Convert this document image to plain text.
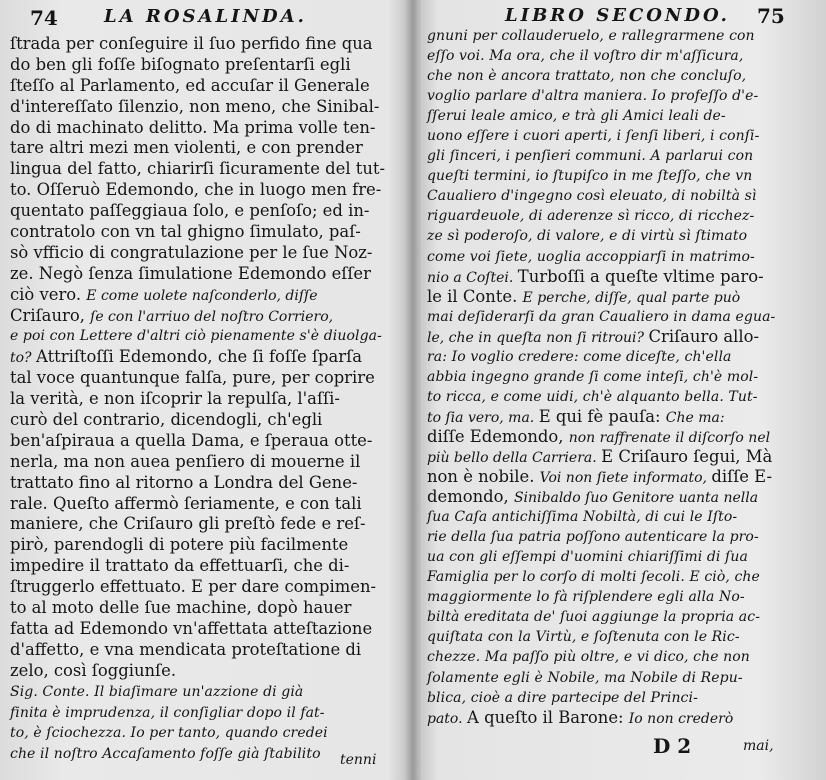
74	LA ROSALINDA.
ſtrada per conſeguire il ſuo perfido fine qua
do ben gli foſſe biſognato preſentarſi egli
ſteſſo al Parlamento, ed accuſar il Generale
d'intereſſato ſilenzio, non meno, che Sinibal-
do di machinato delitto. Ma prima volle ten-
tare altri mezi men violenti, e con prender
lingua del fatto, chiarirſi ſicuramente del tut-
to. Oſſeruò Edemondo, che in luogo men fre-
quentato paſſeggiaua ſolo, e penſoſo; ed in-
contratolo con vn tal ghigno ſimulato, paſ-
sò vfficio di congratulazione per le ſue Noz-
ze. Negò ſenza ſimulatione Edemondo eſſer
ciò vero. E come uolete naſconderlo, diſſe
Criſauro, ſe con l'arriuo del noſtro Corriero,
e poi con Lettere d'altri ciò pienamente s'è diuolga-
to? Attriſtoſſi Edemondo, che ſi foſſe ſparſa
tal voce quantunque falſa, pure, per coprire
la verità, e non iſcoprir la repulſa, l'aſſi-
curò del contrario, dicendogli, ch'egli
ben'aſpiraua a quella Dama, e ſperaua otte-
nerla, ma non auea penſiero di mouerne il
trattato fino al ritorno a Londra del Gene-
rale. Queſto affermò ſeriamente, e con tali
maniere, che Criſauro gli preſtò fede e reſ-
pirò, parendogli di potere più facilmente
impedire il trattato da effettuarſi, che di-
ſtruggerlo effettuato. E per dare compimen-
to al moto delle ſue machine, dopò hauer
fatta ad Edemondo vn'affettata atteſtazione
d'affetto, e vna mendicata proteſtatione di
zelo, così ſoggiunſe.
Sig. Conte. Il biaſimare un'azzione di già
finita è imprudenza, il conſigliar dopo il fat-
to, è ſciochezza. Io per tanto, quando credei
che il noſtro Accaſamento foſſe già ſtabilito	tenni
LIBRO SECONDO. 75
gnuni per collauderuelo, e rallegrarmene con
eſſo voi. Ma ora, che il voſtro dir m'aſſicura,
che non è ancora trattato, non che concluſo,
voglio parlare d'altra maniera. Io profeſſo d'e-
ſſerui leale amico, e trà gli Amici leali de-
uono eſſere i cuori aperti, i ſenſi liberi, i conſi-
gli ſinceri, i penſieri communi. A parlarui con
queſti termini, io ſtupiſco in me ſteſſo, che vn
Caualiero d'ingegno così eleuato, di nobiltà sì
riguardeuole, di aderenze sì ricco, di ricchez-
ze sì poderoſo, di valore, e di virtù sì ſtimato
come voi ſiete, uoglia accoppiarſi in matrimo-
nio a Coſtei. Turboſſi a queſte vltime paro-
le il Conte. E perche, diſſe, qual parte può
mai deſiderarſi da gran Caualiero in dama egua-
le, che in queſta non ſi ritroui? Criſauro allo-
ra: Io voglio credere: come diceſte, ch'ella
abbia ingegno grande ſi come inteſi, ch'è mol-
to ricca, e come uidi, ch'è alquanto bella. Tut-
to ſia vero, ma. E qui fè pauſa: Che ma:
diſſe Edemondo, non raffrenate il diſcorſo nel
più bello della Carriera. E Criſauro ſegui, Mà
non è nobile. Voi non ſiete informato, diſſe E-
demondo, Sinibaldo ſuo Genitore uanta nella
ſua Caſa antichiſſima Nobiltà, di cui le Iſto-
rie della ſua patria poſſono autenticare la pro-
ua con gli eſſempi d'uomini chiariſſimi di ſua
Famiglia per lo corſo di molti ſecoli. E ciò, che
maggiormente lo fà riſplendere egli alla No-
biltà ereditata de' ſuoi aggiunge la propria ac-
quiſtata con la Virtù, e ſoſtenuta con le Ric-
chezze. Ma paſſo più oltre, e vi dico, che non
ſolamente egli è Nobile, ma Nobile di Repu-
blica, cioè a dire partecipe del Princi-
pato. A queſto il Barone: Io non crederò
D 2	mai,
